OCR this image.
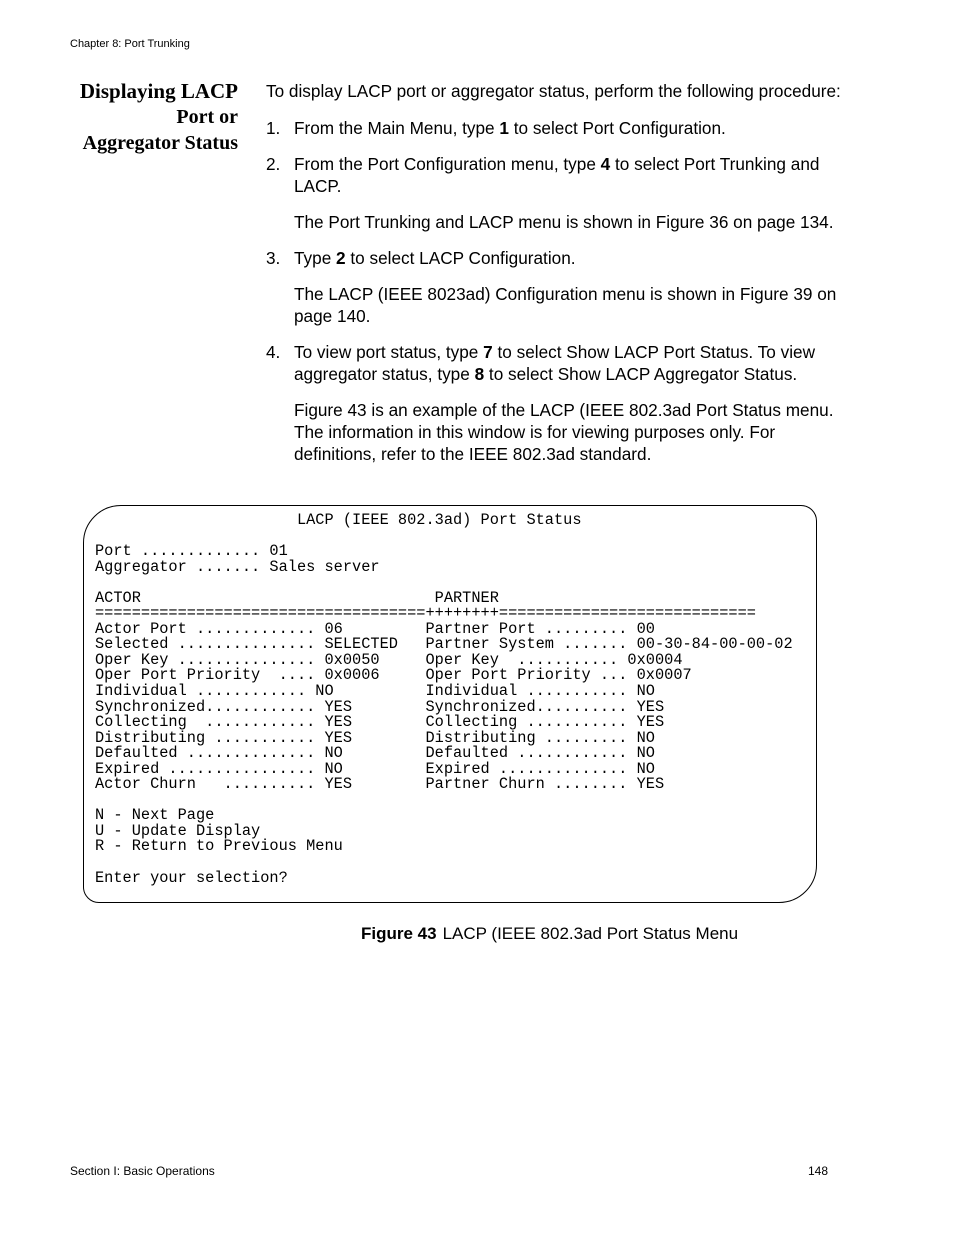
Chapter 8: Port Trunking
Displaying LACP
Port or
Aggregator Status

To display LACP port or aggregator status, perform the following procedure:

1. From the Main Menu, type 1 to select Port Configuration.

2. From the Port Configuration menu, type 4 to select Port Trunking and LACP.

The Port Trunking and LACP menu is shown in Figure 36 on page 134.

3. Type 2 to select LACP Configuration.

The LACP (IEEE 8023ad) Configuration menu is shown in Figure 39 on page 140.

4. To view port status, type 7 to select Show LACP Port Status. To view aggregator status, type 8 to select Show LACP Aggregator Status.

Figure 43 is an example of the LACP (IEEE 802.3ad Port Status menu. The information in this window is for viewing purposes only. For definitions, refer to the IEEE 802.3ad standard.

LACP (IEEE 802.3ad) Port Status
Port ............. 01
Aggregator ....... Sales server
ACTOR                                PARTNER
====================================++++++++============================
Actor Port ............. 06         Partner Port ......... 00
Selected ............... SELECTED   Partner System ....... 00-30-84-00-00-02
Oper Key ............... 0x0050     Oper Key  ........... 0x0004
Oper Port Priority  .... 0x0006     Oper Port Priority ... 0x0007
Individual ............ NO          Individual ........... NO
Synchronized............ YES        Synchronized.......... YES
Collecting  ............ YES        Collecting ........... YES
Distributing ........... YES        Distributing ......... NO
Defaulted .............. NO         Defaulted ............ NO
Expired ................ NO         Expired .............. NO
Actor Churn   .......... YES        Partner Churn ........ YES
N - Next Page
U - Update Display
R - Return to Previous Menu
Enter your selection?
Figure 43 LACP (IEEE 802.3ad Port Status Menu
Section I: Basic Operations	148
